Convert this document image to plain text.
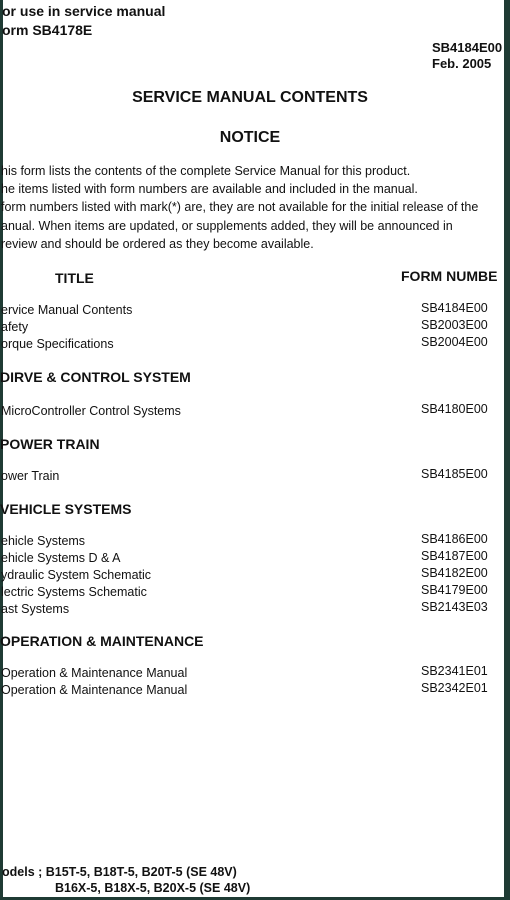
or use in service manual
orm SB4178E
SB4184E00
Feb. 2005
SERVICE MANUAL CONTENTS
NOTICE
his form lists the contents of the complete Service Manual for this product.
he items listed with form numbers are available and included in the manual.
form numbers listed with mark(*) are, they are not available for the initial release of the
anual. When items are updated, or supplements added, they will be announced in
review and should be ordered as they become available.
TITLE	FORM NUMBE
ervice Manual Contents	SB4184E00
afety	SB2003E00
orque Specifications	SB2004E00
DIRVE & CONTROL SYSTEM
MicroController Control Systems	SB4180E00
POWER TRAIN
ower Train	SB4185E00
VEHICLE SYSTEMS
ehicle Systems	SB4186E00
ehicle Systems D & A	SB4187E00
ydraulic System Schematic	SB4182E00
lectric Systems Schematic	SB4179E00
ast Systems	SB2143E03
OPERATION & MAINTENANCE
Operation & Maintenance Manual	SB2341E01
Operation & Maintenance Manual	SB2342E01
odels ; B15T-5, B18T-5, B20T-5 (SE 48V)
B16X-5, B18X-5, B20X-5 (SE 48V)
